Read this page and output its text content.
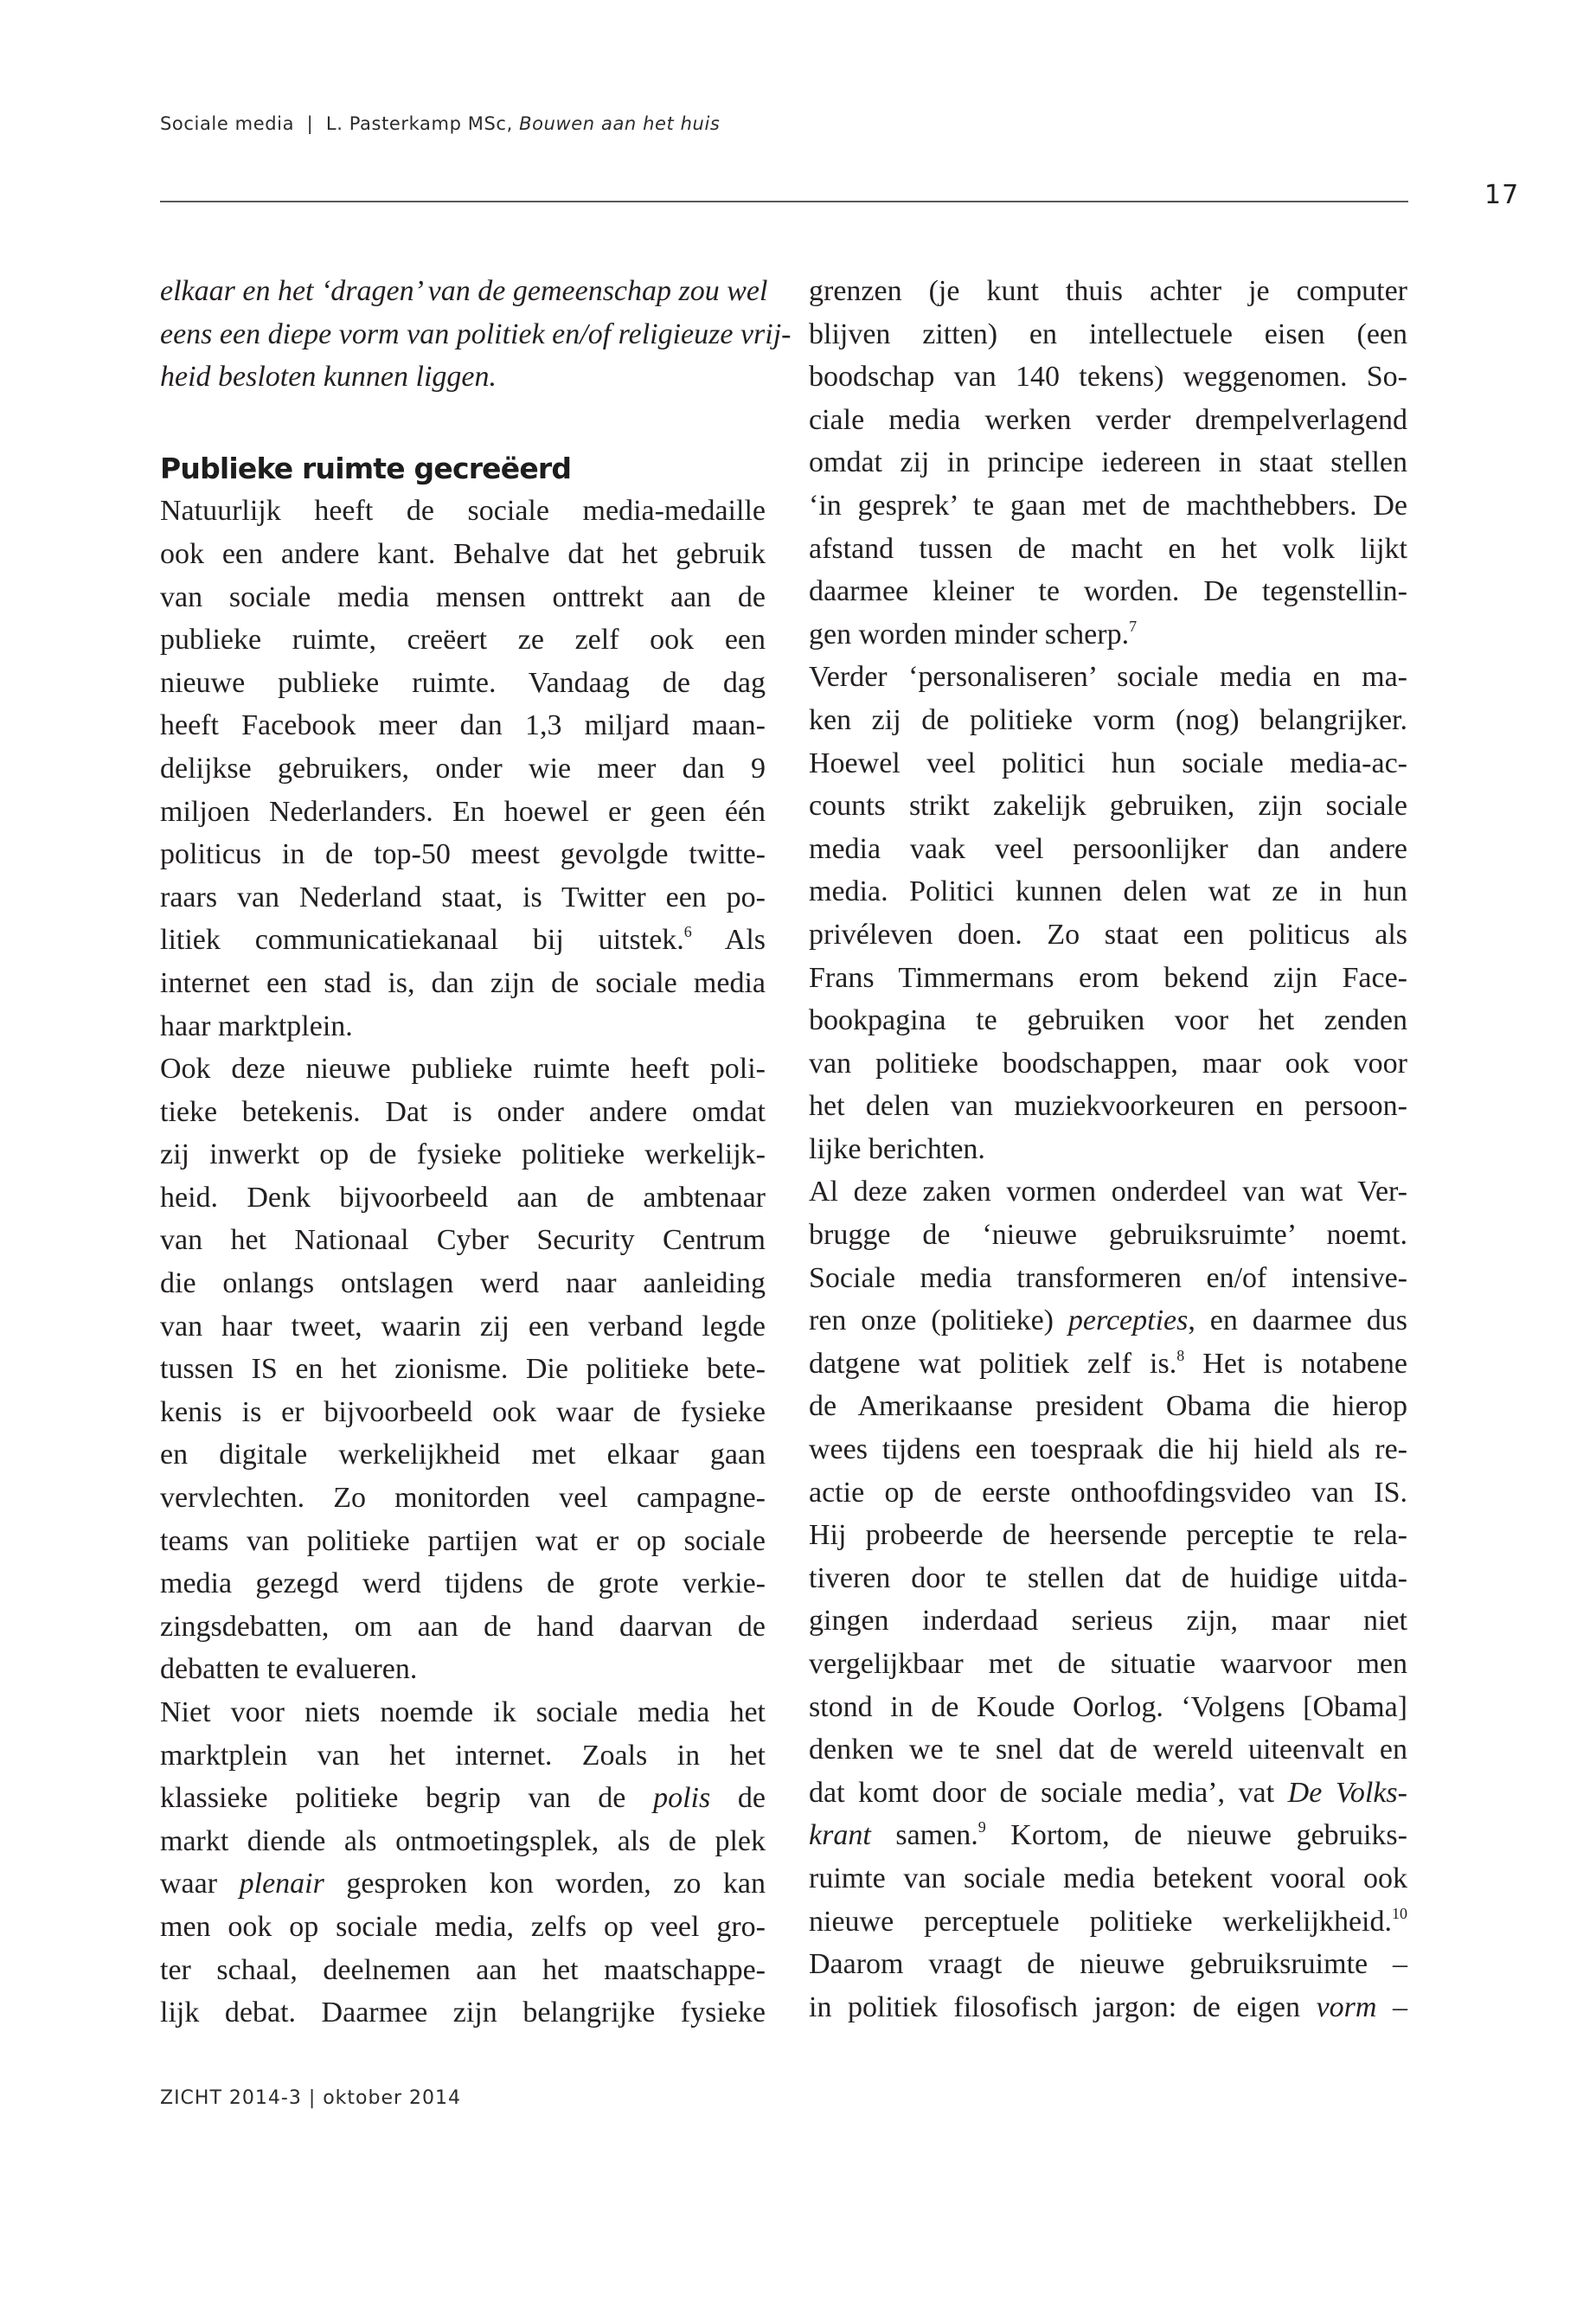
Sociale media | L. Pasterkamp MSc, Bouwen aan het huis
17
elkaar en het ‘dragen’ van de gemeenschap zou wel
eens een diepe vorm van politiek en/of religieuze vrij-
heid besloten kunnen liggen.
Publieke ruimte gecreëerd
Natuurlijk heeft de sociale media-medaille
ook een andere kant. Behalve dat het gebruik
van sociale media mensen onttrekt aan de
publieke ruimte, creëert ze zelf ook een
nieuwe publieke ruimte. Vandaag de dag
heeft Facebook meer dan 1,3 miljard maan-
delijkse gebruikers, onder wie meer dan 9
miljoen Nederlanders. En hoewel er geen één
politicus in de top-50 meest gevolgde twitte-
raars van Nederland staat, is Twitter een po-
litiek communicatiekanaal bij uitstek.$^6$ Als
internet een stad is, dan zijn de sociale media
haar marktplein.
Ook deze nieuwe publieke ruimte heeft poli-
tieke betekenis. Dat is onder andere omdat
zij inwerkt op de fysieke politieke werkelijk-
heid. Denk bijvoorbeeld aan de ambtenaar
van het Nationaal Cyber Security Centrum
die onlangs ontslagen werd naar aanleiding
van haar tweet, waarin zij een verband legde
tussen IS en het zionisme. Die politieke bete-
kenis is er bijvoorbeeld ook waar de fysieke
en digitale werkelijkheid met elkaar gaan
vervlechten. Zo monitorden veel campagne-
teams van politieke partijen wat er op sociale
media gezegd werd tijdens de grote verkie-
zingsdebatten, om aan de hand daarvan de
debatten te evalueren.
Niet voor niets noemde ik sociale media het
marktplein van het internet. Zoals in het
klassieke politieke begrip van de polis de
markt diende als ontmoetingsplek, als de plek
waar plenair gesproken kon worden, zo kan
men ook op sociale media, zelfs op veel gro-
ter schaal, deelnemen aan het maatschappe-
lijk debat. Daarmee zijn belangrijke fysieke
grenzen (je kunt thuis achter je computer
blijven zitten) en intellectuele eisen (een
boodschap van 140 tekens) weggenomen. So-
ciale media werken verder drempelverlagend
omdat zij in principe iedereen in staat stellen
‘in gesprek’ te gaan met de machthebbers. De
afstand tussen de macht en het volk lijkt
daarmee kleiner te worden. De tegenstellin-
gen worden minder scherp.$^7$
Verder ‘personaliseren’ sociale media en ma-
ken zij de politieke vorm (nog) belangrijker.
Hoewel veel politici hun sociale media-ac-
counts strikt zakelijk gebruiken, zijn sociale
media vaak veel persoonlijker dan andere
media. Politici kunnen delen wat ze in hun
privéleven doen. Zo staat een politicus als
Frans Timmermans erom bekend zijn Face-
bookpagina te gebruiken voor het zenden
van politieke boodschappen, maar ook voor
het delen van muziekvoorkeuren en persoon-
lijke berichten.
Al deze zaken vormen onderdeel van wat Ver-
brugge de ‘nieuwe gebruiksruimte’ noemt.
Sociale media transformeren en/of intensive-
ren onze (politieke) percepties, en daarmee dus
datgene wat politiek zelf is.$^8$ Het is notabene
de Amerikaanse president Obama die hierop
wees tijdens een toespraak die hij hield als re-
actie op de eerste onthoofdingsvideo van IS.
Hij probeerde de heersende perceptie te rela-
tiveren door te stellen dat de huidige uitda-
gingen inderdaad serieus zijn, maar niet
vergelijkbaar met de situatie waarvoor men
stond in de Koude Oorlog. ‘Volgens [Obama]
denken we te snel dat de wereld uiteenvalt en
dat komt door de sociale media’, vat De Volks-
krant samen.$^9$ Kortom, de nieuwe gebruiks-
ruimte van sociale media betekent vooral ook
nieuwe perceptuele politieke werkelijkheid.$^{10}$
Daarom vraagt de nieuwe gebruiksruimte –
in politiek filosofisch jargon: de eigen vorm –
ZICHT 2014-3 | oktober 2014
